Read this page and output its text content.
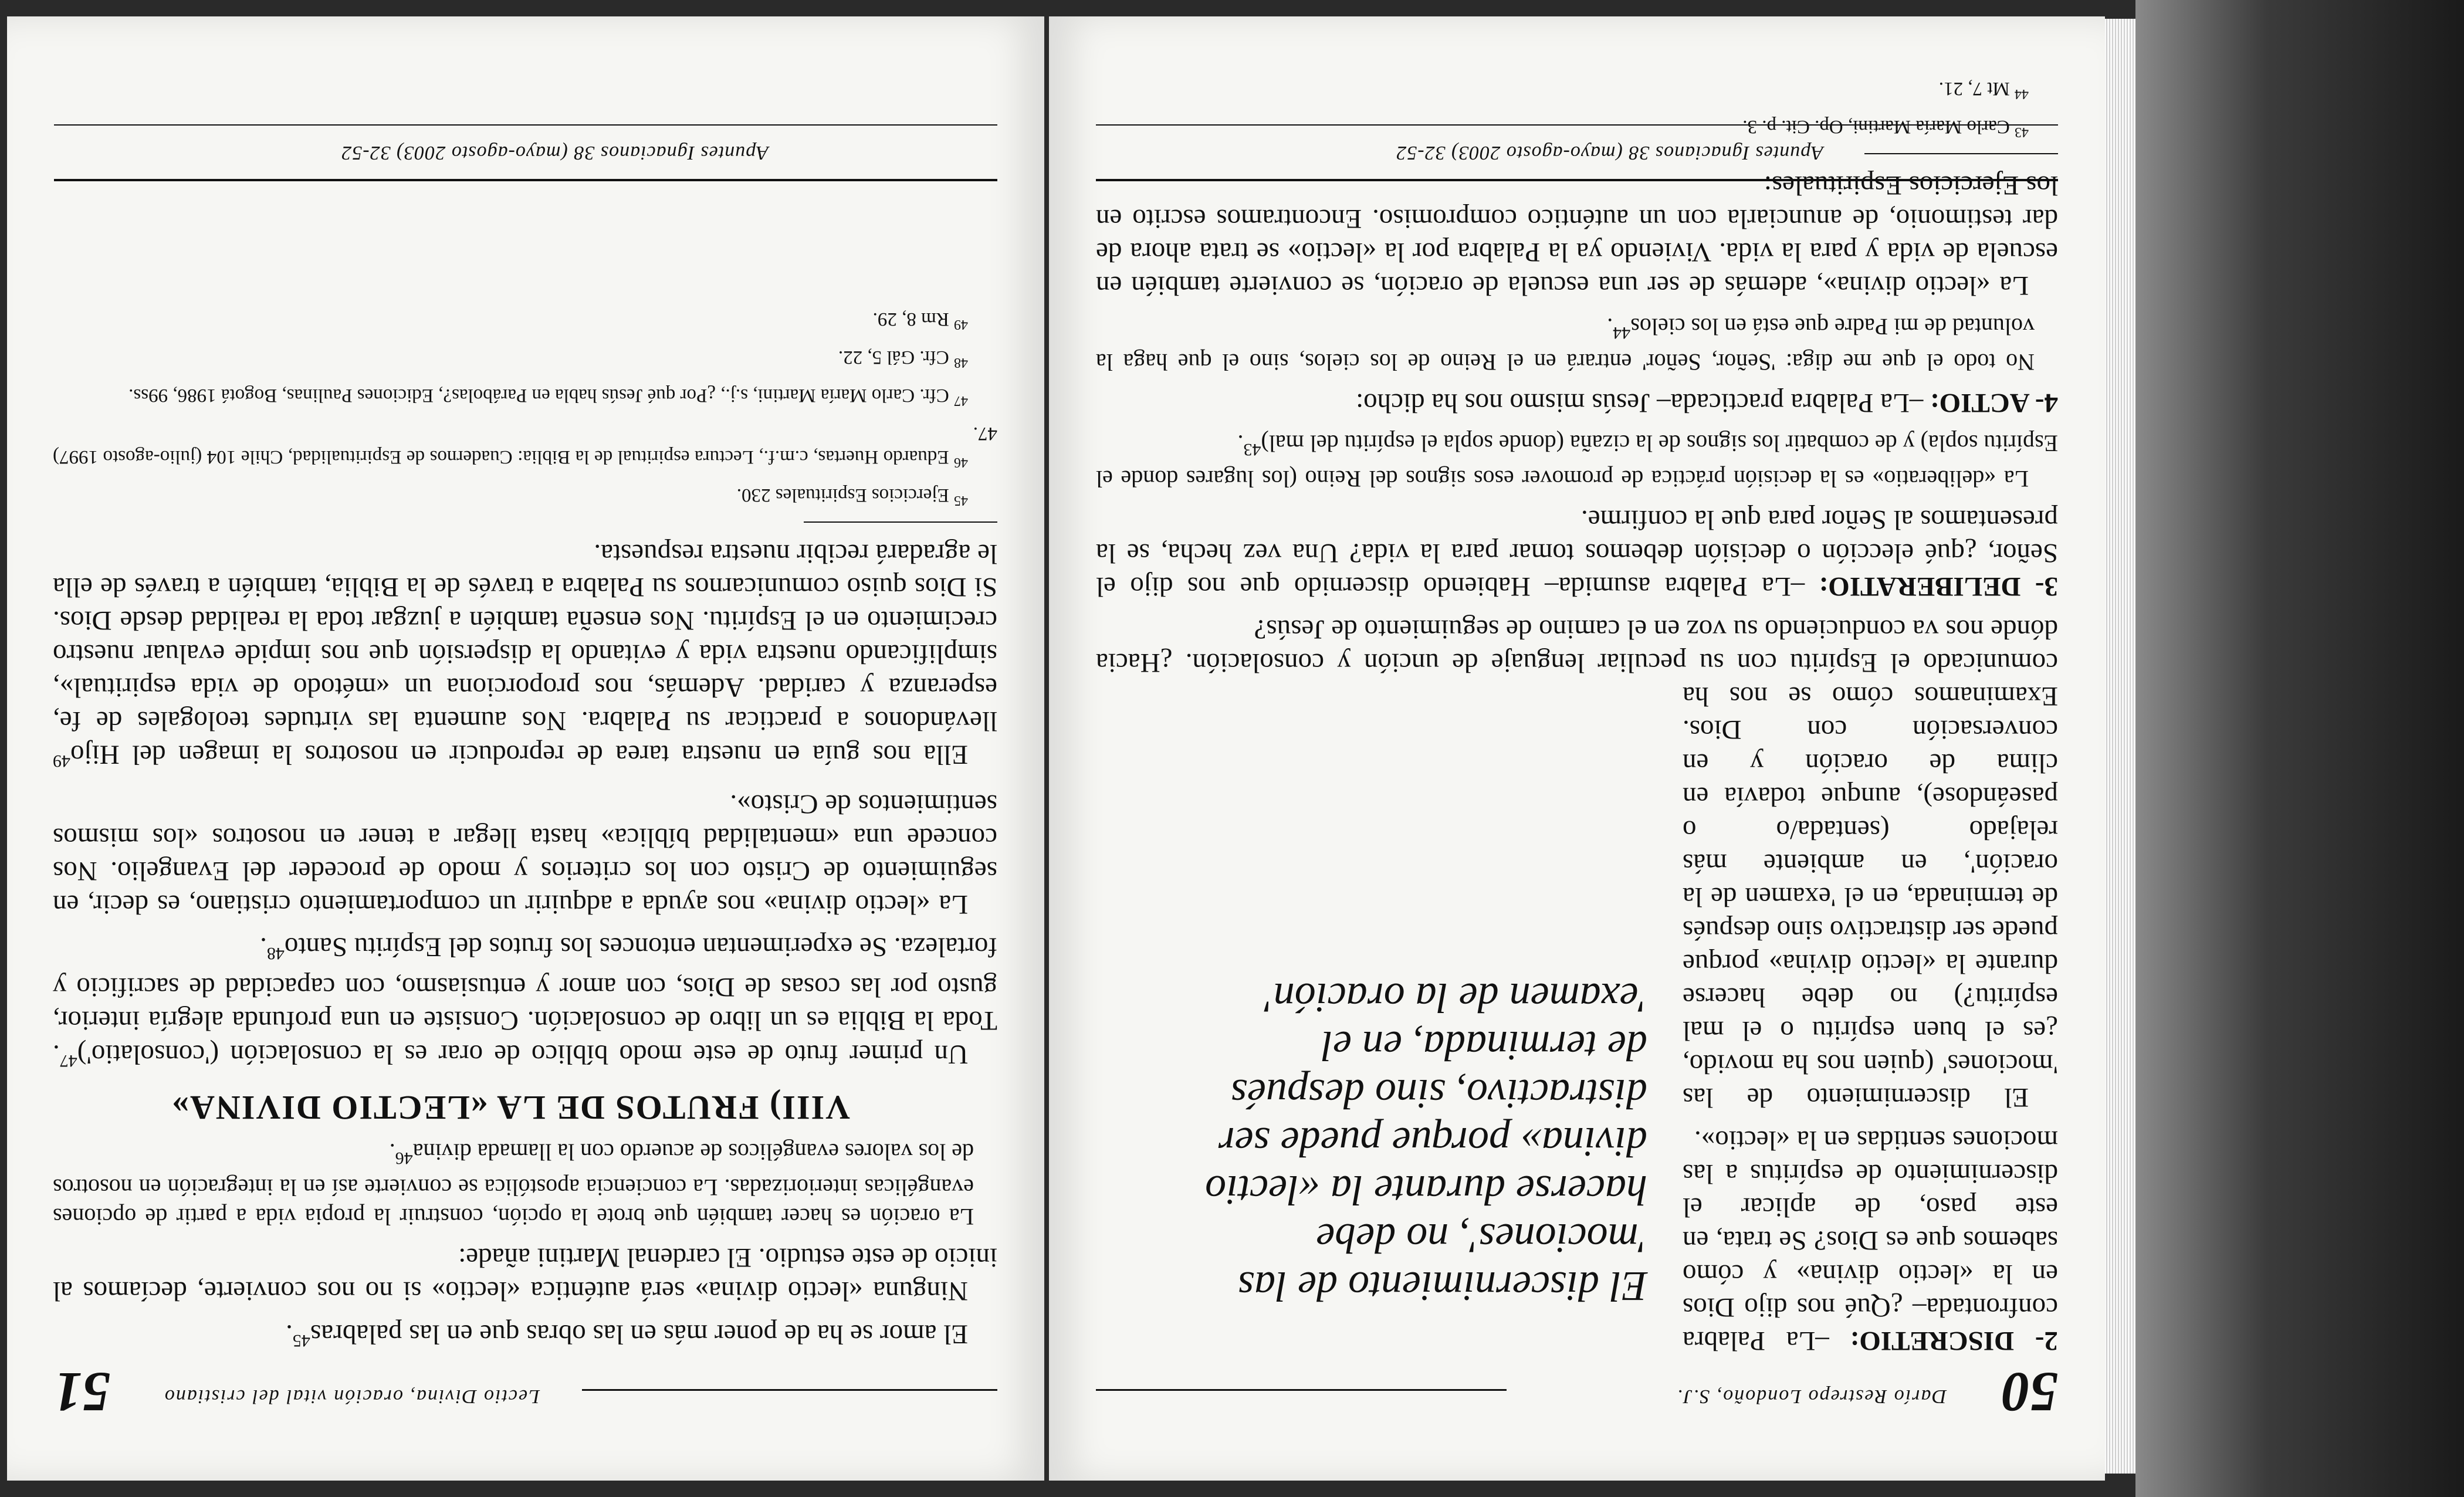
50
Darío Restrepo Londoño, S.J.
El discernimiento de las 'mociones', no debe hacerse durante la «lectio divina» porque puede ser distractivo, sino después de terminada, en el 'examen de la oración'

2- DISCRETIO: –La Palabra confrontada– ¿Qué nos dijo Dios en la «lectio divina» y cómo sabemos que es Dios? Se trata, en este paso, de aplicar el discernimiento de espíritus a las mociones sentidas en la «lectio».

El discernimiento de las 'mociones' (quien nos ha movido, ¿es el buen espíritu o el mal espíritu?) no debe hacerse durante la «lectio divina» porque puede ser distractivo sino después de terminada, en el 'examen de la oración', en ambiente más relajado (sentada/o o paseándose), aunque todavía en clima de oración y en conversación con Dios. Examinamos cómo se nos ha comunicado el Espíritu con su peculiar lenguaje de unción y consolación. ¿Hacia dónde nos va conduciendo su voz en el camino de seguimiento de Jesús?

3- DELIBERATIO: –La Palabra asumida– Habiendo discernido que nos dijo el Señor, ¿qué elección o decisión debemos tomar para la vida? Una vez hecha, se la presentamos al Señor para que la confirme.

La «deliberatio» es la decisión práctica de promover esos signos del Reino (los lugares donde el Espíritu sopla) y de combatir los signos de la cizaña (donde sopla el espíritu del mal)$^{43}$.

4- ACTIO: –La Palabra practicada– Jesús mismo nos ha dicho:

No todo el que me diga: 'Señor, Señor' entrará en el Reino de los cielos, sino el que haga la voluntad de mi Padre que está en los cielos$^{44}$.

La «lectio divina», además de ser una escuela de oración, se convierte también en escuela de vida y para la vida. Viviendo ya la Palabra por la «lectio» se trata ahora de dar testimonio, de anunciarla con un auténtico compromiso. Encontramos escrito en los Ejercicios Espirituales:

$^{43}$ Carlo María Martini, Op. Cit. p. 3.

$^{44}$ Mt 7, 21.

Apuntes Ignacianos 38 (mayo-agosto 2003) 32-52
Lectio Divina, oración vital del cristiano
51

El amor se ha de poner más en las obras que en las palabras$^{45}$.

Ninguna «lectio divina» será auténtica «lectio» si no nos convierte, decíamos al inicio de este estudio. El cardenal Martini añade:

La oración es hacer también que brote la opción, construir la propia vida a partir de opciones evangélicas interiorizadas. La conciencia apostólica se convierte así en la integración en nosotros de los valores evangélicos de acuerdo con la llamada divina$^{46}$.

VIII) FRUTOS DE LA «LECTIO DIVINA»

Un primer fruto de este modo bíblico de orar es la consolación ('consolatio')$^{47}$. Toda la Biblia es un libro de consolación. Consiste en una profunda alegría interior, gusto por las cosas de Dios, con amor y entusiasmo, con capacidad de sacrificio y fortaleza. Se experimentan entonces los frutos del Espíritu Santo$^{48}$.

La «lectio divina» nos ayuda a adquirir un comportamiento cristiano, es decir, en seguimiento de Cristo con los criterios y modo de proceder del Evangelio. Nos concede una «mentalidad bíblica» hasta llegar a tener en nosotros «los mismos sentimientos de Cristo».

Ella nos guía en nuestra tarea de reproducir en nosotros la imagen del Hijo$^{49}$ llevándonos a practicar su Palabra. Nos aumenta las virtudes teologales de fe, esperanza y caridad. Además, nos proporciona un «método de vida espiritual», simplificando nuestra vida y evitando la dispersión que nos impide evaluar nuestro crecimiento en el Espíritu. Nos enseña también a juzgar toda la realidad desde Dios. Si Dios quiso comunicarnos su Palabra a través de la Biblia, también a través de ella le agradará recibir nuestra respuesta.

$^{45}$ Ejercicios Espirituales 230.

$^{46}$ Eduardo Huertas, c.m.f., Lectura espiritual de la Biblia: Cuadernos de Espiritualidad, Chile 104 (julio-agosto 1997) 47.

$^{47}$ Cfr. Carlo María Martini, s.j., ¿Por qué Jesús habla en Parábolas?, Ediciones Paulinas, Bogotá 1986, 99ss.

$^{48}$ Cfr. Gál 5, 22.

$^{49}$ Rm 8, 29.

Apuntes Ignacianos 38 (mayo-agosto 2003) 32-52
